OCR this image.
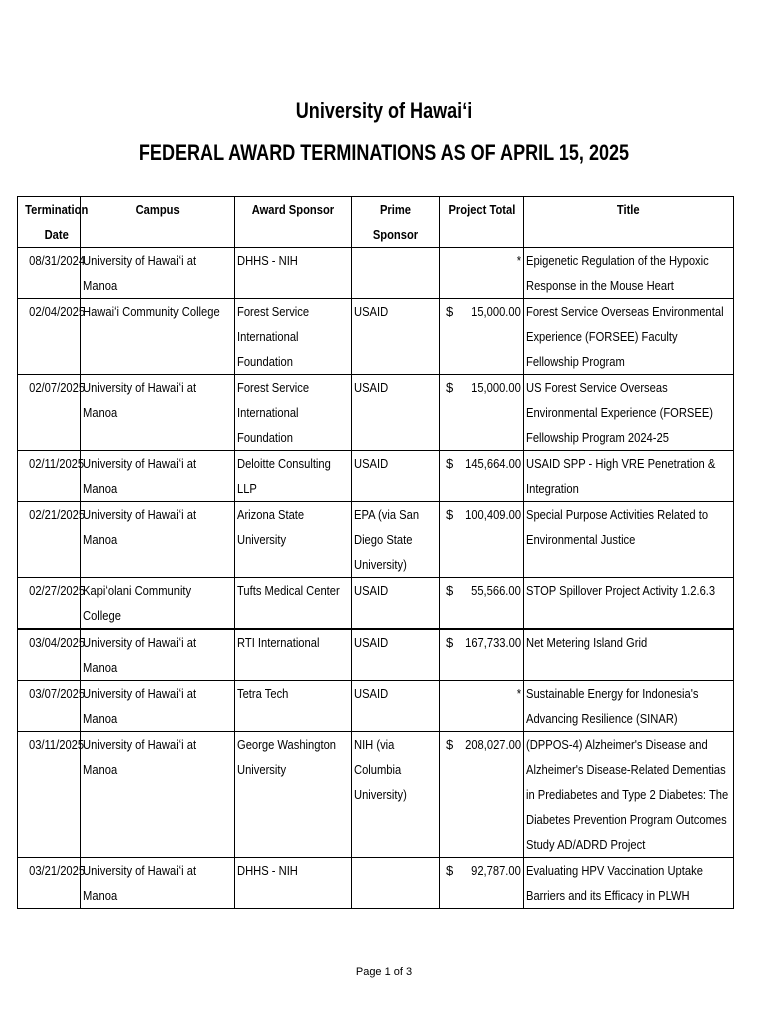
University of Hawaiʻi
FEDERAL AWARD TERMINATIONS AS OF APRIL 15, 2025
Termination Date	Campus	Award Sponsor	Prime Sponsor	Project Total	Title
08/31/2024	University of Hawaiʻi at Manoa	DHHS - NIH		*	Epigenetic Regulation of the Hypoxic Response in the Mouse Heart
02/04/2025	Hawaiʻi Community College	Forest Service International Foundation	USAID	$ 15,000.00	Forest Service Overseas Environmental Experience (FORSEE) Faculty Fellowship Program
02/07/2025	University of Hawaiʻi at Manoa	Forest Service International Foundation	USAID	$ 15,000.00	US Forest Service Overseas Environmental Experience (FORSEE) Fellowship Program 2024-25
02/11/2025	University of Hawaiʻi at Manoa	Deloitte Consulting LLP	USAID	$ 145,664.00	USAID SPP - High VRE Penetration & Integration
02/21/2025	University of Hawaiʻi at Manoa	Arizona State University	EPA (via San Diego State University)	$ 100,409.00	Special Purpose Activities Related to Environmental Justice
02/27/2025	Kapiʻolani Community College	Tufts Medical Center	USAID	$ 55,566.00	STOP Spillover Project Activity 1.2.6.3
03/04/2025	University of Hawaiʻi at Manoa	RTI International	USAID	$ 167,733.00	Net Metering Island Grid
03/07/2025	University of Hawaiʻi at Manoa	Tetra Tech	USAID	*	Sustainable Energy for Indonesia's Advancing Resilience (SINAR)
03/11/2025	University of Hawaiʻi at Manoa	George Washington University	NIH (via Columbia University)	$ 208,027.00	(DPPOS-4) Alzheimer's Disease and Alzheimer's Disease-Related Dementias in Prediabetes and Type 2 Diabetes: The Diabetes Prevention Program Outcomes Study AD/ADRD Project
03/21/2025	University of Hawaiʻi at Manoa	DHHS - NIH		$ 92,787.00	Evaluating HPV Vaccination Uptake Barriers and its Efficacy in PLWH
Page 1 of 3
